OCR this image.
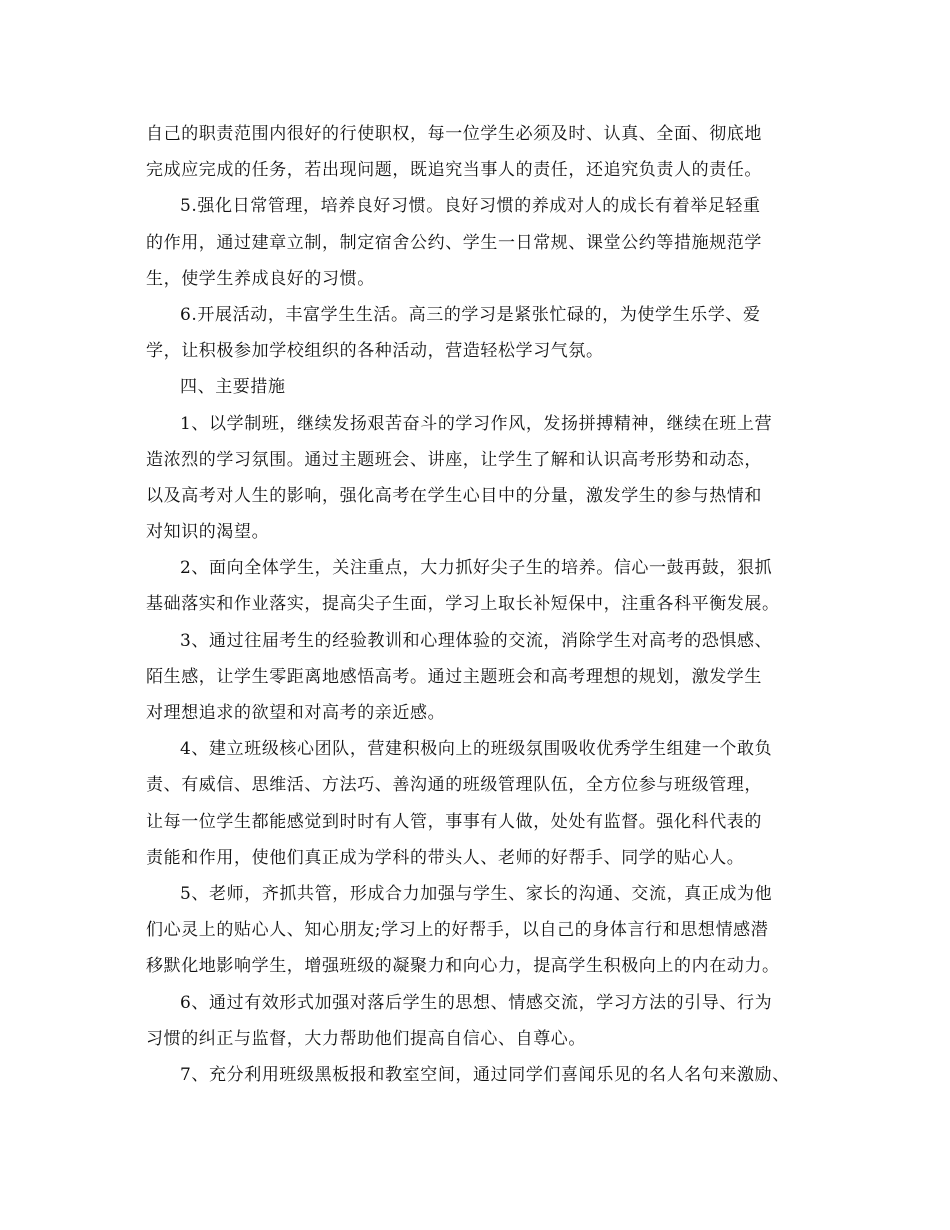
自己的职责范围内很好的行使职权，每一位学生必须及时、认真、全面、彻底地
完成应完成的任务，若出现问题，既追究当事人的责任，还追究负责人的责任。
5.强化日常管理，培养良好习惯。良好习惯的养成对人的成长有着举足轻重
的作用，通过建章立制，制定宿舍公约、学生一日常规、课堂公约等措施规范学
生，使学生养成良好的习惯。
6.开展活动，丰富学生生活。高三的学习是紧张忙碌的，为使学生乐学、爱
学，让积极参加学校组织的各种活动，营造轻松学习气氛。
四、主要措施
1、以学制班，继续发扬艰苦奋斗的学习作风，发扬拼搏精神，继续在班上营
造浓烈的学习氛围。通过主题班会、讲座，让学生了解和认识高考形势和动态，
以及高考对人生的影响，强化高考在学生心目中的分量，激发学生的参与热情和
对知识的渴望。
2、面向全体学生，关注重点，大力抓好尖子生的培养。信心一鼓再鼓，狠抓
基础落实和作业落实，提高尖子生面，学习上取长补短保中，注重各科平衡发展。
3、通过往届考生的经验教训和心理体验的交流，消除学生对高考的恐惧感、
陌生感，让学生零距离地感悟高考。通过主题班会和高考理想的规划，激发学生
对理想追求的欲望和对高考的亲近感。
4、建立班级核心团队，营建积极向上的班级氛围吸收优秀学生组建一个敢负
责、有威信、思维活、方法巧、善沟通的班级管理队伍，全方位参与班级管理，
让每一位学生都能感觉到时时有人管，事事有人做，处处有监督。强化科代表的
责能和作用，使他们真正成为学科的带头人、老师的好帮手、同学的贴心人。
5、老师，齐抓共管，形成合力加强与学生、家长的沟通、交流，真正成为他
们心灵上的贴心人、知心朋友;学习上的好帮手，以自己的身体言行和思想情感潜
移默化地影响学生，增强班级的凝聚力和向心力，提高学生积极向上的内在动力。
6、通过有效形式加强对落后学生的思想、情感交流，学习方法的引导、行为
习惯的纠正与监督，大力帮助他们提高自信心、自尊心。
7、充分利用班级黑板报和教室空间，通过同学们喜闻乐见的名人名句来激励、
